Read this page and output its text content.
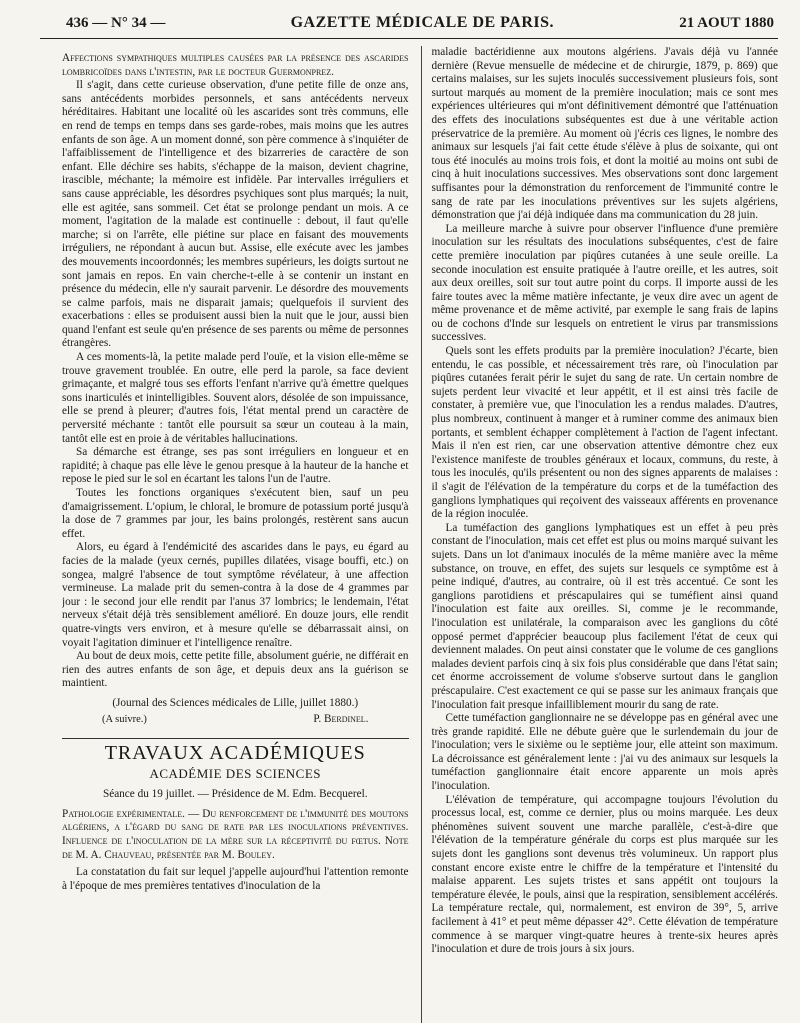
436 — N° 34 —	GAZETTE MÉDICALE DE PARIS.	21 AOUT 1880

Affections sympathiques multiples causées par la présence des ascarides lombricoïdes dans l'intestin, par le docteur Guermonprez.

Il s'agit, dans cette curieuse observation, d'une petite fille de onze ans, sans antécédents morbides personnels, et sans antécédents nerveux héréditaires. Habitant une localité où les ascarides sont très communs, elle en rend de temps en temps dans ses garde-robes, mais moins que les autres enfants de son âge. A un moment donné, son père commence à s'inquiéter de l'affaiblissement de l'intelligence et des bizarreries de caractère de son enfant. Elle déchire ses habits, s'échappe de la maison, devient chagrine, irascible, méchante; la mémoire est infidèle. Par intervalles irréguliers et sans cause appréciable, les désordres psychiques sont plus marqués; la nuit, elle est agitée, sans sommeil. Cet état se prolonge pendant un mois. A ce moment, l'agitation de la malade est continuelle : debout, il faut qu'elle marche; si on l'arrête, elle piétine sur place en faisant des mouvements irréguliers, ne répondant à aucun but. Assise, elle exécute avec les jambes des mouvements incoordonnés; les membres supérieurs, les doigts surtout ne sont jamais en repos. En vain cherche-t-elle à se contenir un instant en présence du médecin, elle n'y saurait parvenir. Le désordre des mouvements se calme parfois, mais ne disparait jamais; quelquefois il survient des exacerbations : elles se produisent aussi bien la nuit que le jour, aussi bien quand l'enfant est seule qu'en présence de ses parents ou même de personnes étrangères.

A ces moments-là, la petite malade perd l'ouïe, et la vision elle-même se trouve gravement troublée. En outre, elle perd la parole, sa face devient grimaçante, et malgré tous ses efforts l'enfant n'arrive qu'à émettre quelques sons inarticulés et inintelligibles. Souvent alors, désolée de son impuissance, elle se prend à pleurer; d'autres fois, l'état mental prend un caractère de perversité méchante : tantôt elle poursuit sa sœur un couteau à la main, tantôt elle est en proie à de véritables hallucinations.

Sa démarche est étrange, ses pas sont irréguliers en longueur et en rapidité; à chaque pas elle lève le genou presque à la hauteur de la hanche et repose le pied sur le sol en écartant les talons l'un de l'autre.

Toutes les fonctions organiques s'exécutent bien, sauf un peu d'amaigrissement. L'opium, le chloral, le bromure de potassium porté jusqu'à la dose de 7 grammes par jour, les bains prolongés, restèrent sans aucun effet.

Alors, eu égard à l'endémicité des ascarides dans le pays, eu égard au facies de la malade (yeux cernés, pupilles dilatées, visage bouffi, etc.) on songea, malgré l'absence de tout symptôme révélateur, à une affection vermineuse. La malade prit du semen-contra à la dose de 4 grammes par jour : le second jour elle rendit par l'anus 37 lombrics; le lendemain, l'état nerveux s'était déjà très sensiblement amélioré. En douze jours, elle rendit quatre-vingts vers environ, et à mesure qu'elle se débarrassait ainsi, on voyait l'agitation diminuer et l'intelligence renaître.

Au bout de deux mois, cette petite fille, absolument guérie, ne différait en rien des autres enfants de son âge, et depuis deux ans la guérison se maintient.

(Journal des Sciences médicales de Lille, juillet 1880.)

(A suivre.)	P. Berdinel.
TRAVAUX ACADÉMIQUES
ACADÉMIE DES SCIENCES

Séance du 19 juillet. — Présidence de M. Edm. Becquerel.

Pathologie expérimentale. — Du renforcement de l'immunité des moutons algériens, a l'égard du sang de rate par les inoculations préventives. Influence de l'inoculation de la mère sur la réceptivité du fœtus. Note de M. A. Chauveau, présentée par M. Bouley.

La constatation du fait sur lequel j'appelle aujourd'hui l'attention remonte à l'époque de mes premières tentatives d'inoculation de la

maladie bactéridienne aux moutons algériens. J'avais déjà vu l'année dernière (Revue mensuelle de médecine et de chirurgie, 1879, p. 869) que certains malaises, sur les sujets inoculés successivement plusieurs fois, sont surtout marqués au moment de la première inoculation; mais ce sont mes expériences ultérieures qui m'ont définitivement démontré que l'atténuation des effets des inoculations subséquentes est due à une véritable action préservatrice de la première. Au moment où j'écris ces lignes, le nombre des animaux sur lesquels j'ai fait cette étude s'élève à plus de soixante, qui ont tous été inoculés au moins trois fois, et dont la moitié au moins ont subi de cinq à huit inoculations successives. Mes observations sont donc largement suffisantes pour la démonstration du renforcement de l'immunité contre le sang de rate par les inoculations préventives sur les sujets algériens, démonstration que j'ai déjà indiquée dans ma communication du 28 juin.

La meilleure marche à suivre pour observer l'influence d'une première inoculation sur les résultats des inoculations subséquentes, c'est de faire cette première inoculation par piqûres cutanées à une seule oreille. La seconde inoculation est ensuite pratiquée à l'autre oreille, et les autres, soit aux deux oreilles, soit sur tout autre point du corps. Il importe aussi de les faire toutes avec la même matière infectante, je veux dire avec un agent de même provenance et de même activité, par exemple le sang frais de lapins ou de cochons d'Inde sur lesquels on entretient le virus par transmissions successives.

Quels sont les effets produits par la première inoculation? J'écarte, bien entendu, le cas possible, et nécessairement très rare, où l'inoculation par piqûres cutanées ferait périr le sujet du sang de rate. Un certain nombre de sujets perdent leur vivacité et leur appétit, et il est ainsi très facile de constater, à première vue, que l'inoculation les a rendus malades. D'autres, plus nombreux, continuent à manger et à ruminer comme des animaux bien portants, et semblent échapper complètement à l'action de l'agent infectant. Mais il n'en est rien, car une observation attentive démontre chez eux l'existence manifeste de troubles généraux et locaux, communs, du reste, à tous les inoculés, qu'ils présentent ou non des signes apparents de malaises : il s'agit de l'élévation de la température du corps et de la tuméfaction des ganglions lymphatiques qui reçoivent des vaisseaux afférents en provenance de la région inoculée.

La tuméfaction des ganglions lymphatiques est un effet à peu près constant de l'inoculation, mais cet effet est plus ou moins marqué suivant les sujets. Dans un lot d'animaux inoculés de la même manière avec la même substance, on trouve, en effet, des sujets sur lesquels ce symptôme est à peine indiqué, d'autres, au contraire, où il est très accentué. Ce sont les ganglions parotidiens et préscapulaires qui se tuméfient ainsi quand l'inoculation est faite aux oreilles. Si, comme je le recommande, l'inoculation est unilatérale, la comparaison avec les ganglions du côté opposé permet d'apprécier beaucoup plus facilement l'état de ceux qui deviennent malades. On peut ainsi constater que le volume de ces ganglions malades devient parfois cinq à six fois plus considérable que dans l'état sain; cet énorme accroissement de volume s'observe surtout dans le ganglion préscapulaire. C'est exactement ce qui se passe sur les animaux français que l'inoculation fait presque infailliblement mourir du sang de rate.

Cette tuméfaction ganglionnaire ne se développe pas en général avec une très grande rapidité. Elle ne débute guère que le surlendemain du jour de l'inoculation; vers le sixième ou le septième jour, elle atteint son maximum. La décroissance est généralement lente : j'ai vu des animaux sur lesquels la tuméfaction ganglionnaire était encore apparente un mois après l'inoculation.

L'élévation de température, qui accompagne toujours l'évolution du processus local, est, comme ce dernier, plus ou moins marquée. Les deux phénomènes suivent souvent une marche parallèle, c'est-à-dire que l'élévation de la température générale du corps est plus marquée sur les sujets dont les ganglions sont devenus très volumineux. Un rapport plus constant encore existe entre le chiffre de la température et l'intensité du malaise apparent. Les sujets tristes et sans appétit ont toujours la température élevée, le pouls, ainsi que la respiration, sensiblement accélérés. La température rectale, qui, normalement, est environ de 39°, 5, arrive facilement à 41° et peut même dépasser 42°. Cette élévation de température commence à se marquer vingt-quatre heures à trente-six heures après l'inoculation et dure de trois jours à six jours.
